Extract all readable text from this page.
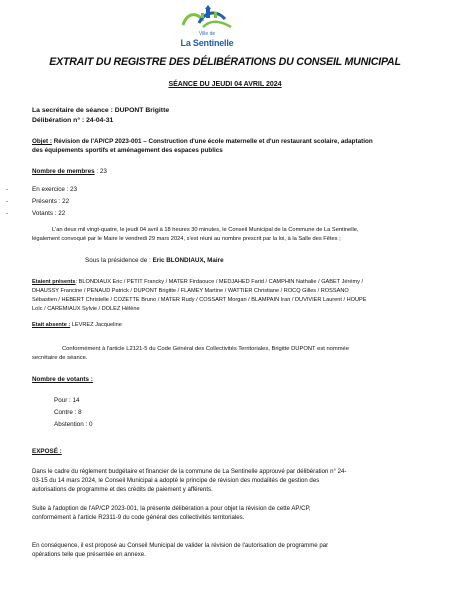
Ville de
La Sentinelle
EXTRAIT DU REGISTRE DES DÉLIBÉRATIONS DU CONSEIL MUNICIPAL
SÉANCE DU JEUDI 04 AVRIL 2024
La secrétaire de séance : DUPONT Brigitte
Délibération n° : 24-04-31
Objet : Révision de l'AP/CP 2023-001 – Construction d'une école maternelle et d'un restaurant scolaire, adaptation
des équipements sportifs et aménagement des espaces publics
Nombre de membres : 23
-	En exercice : 23
-	Présents : 22
-	Votants : 22
L'an deux mil vingt-quatre, le jeudi 04 avril à 18 heures 30 minutes, le Conseil Municipal de la Commune de La Sentinelle,
légalement convoqué par le Maire le vendredi 29 mars 2024, s'est réuni au nombre prescrit par la loi, à la Salle des Fêtes ;
Sous la présidence de : Eric BLONDIAUX, Maire
Etaient présents: BLONDIAUX Eric / PETIT Francky / MATER Firdaouce / MEDJAHED Farid / CAMPHIN Nathalie / GABET Jérémy /
DHAUSSY Francine / PENAUD Patrick / DUPONT Brigitte / FLAMEY Martine / WATTIER Christiane / ROCQ Gilles / ROSSANO
Sébastien / HEBERT Christelle / COZETTE Bruno / MATER Rudy / COSSART Morgan / BLAMPAIN Iran / DUVIVIER Laurent / HOUPE
Loïc / CAREMIAUX Sylvie / DOLEZ Hélène
Etait absente : LEVREZ Jacqueline
Conformément à l'article L2121-5 du Code Général des Collectivités Territoriales, Brigitte DUPONT est nommée
secrétaire de séance.
Nombre de votants :
Pour : 14
Contre : 8
Abstention : 0
EXPOSÉ :
Dans le cadre du règlement budgétaire et financier de la commune de La Sentinelle approuvé par délibération n° 24-
03-15 du 14 mars 2024, le Conseil Municipal a adopté le principe de révision des modalités de gestion des
autorisations de programme et des crédits de paiement y afférents.
Suite à l'adoption de l'AP/CP 2023-001, la présente délibération a pour objet la révision de cette AP/CP,
conformément à l'article R2311-9 du code général des collectivités territoriales.
En conséquence, il est proposé au Conseil Municipal de valider la révision de l'autorisation de programme par
opérations telle que présentée en annexe.
